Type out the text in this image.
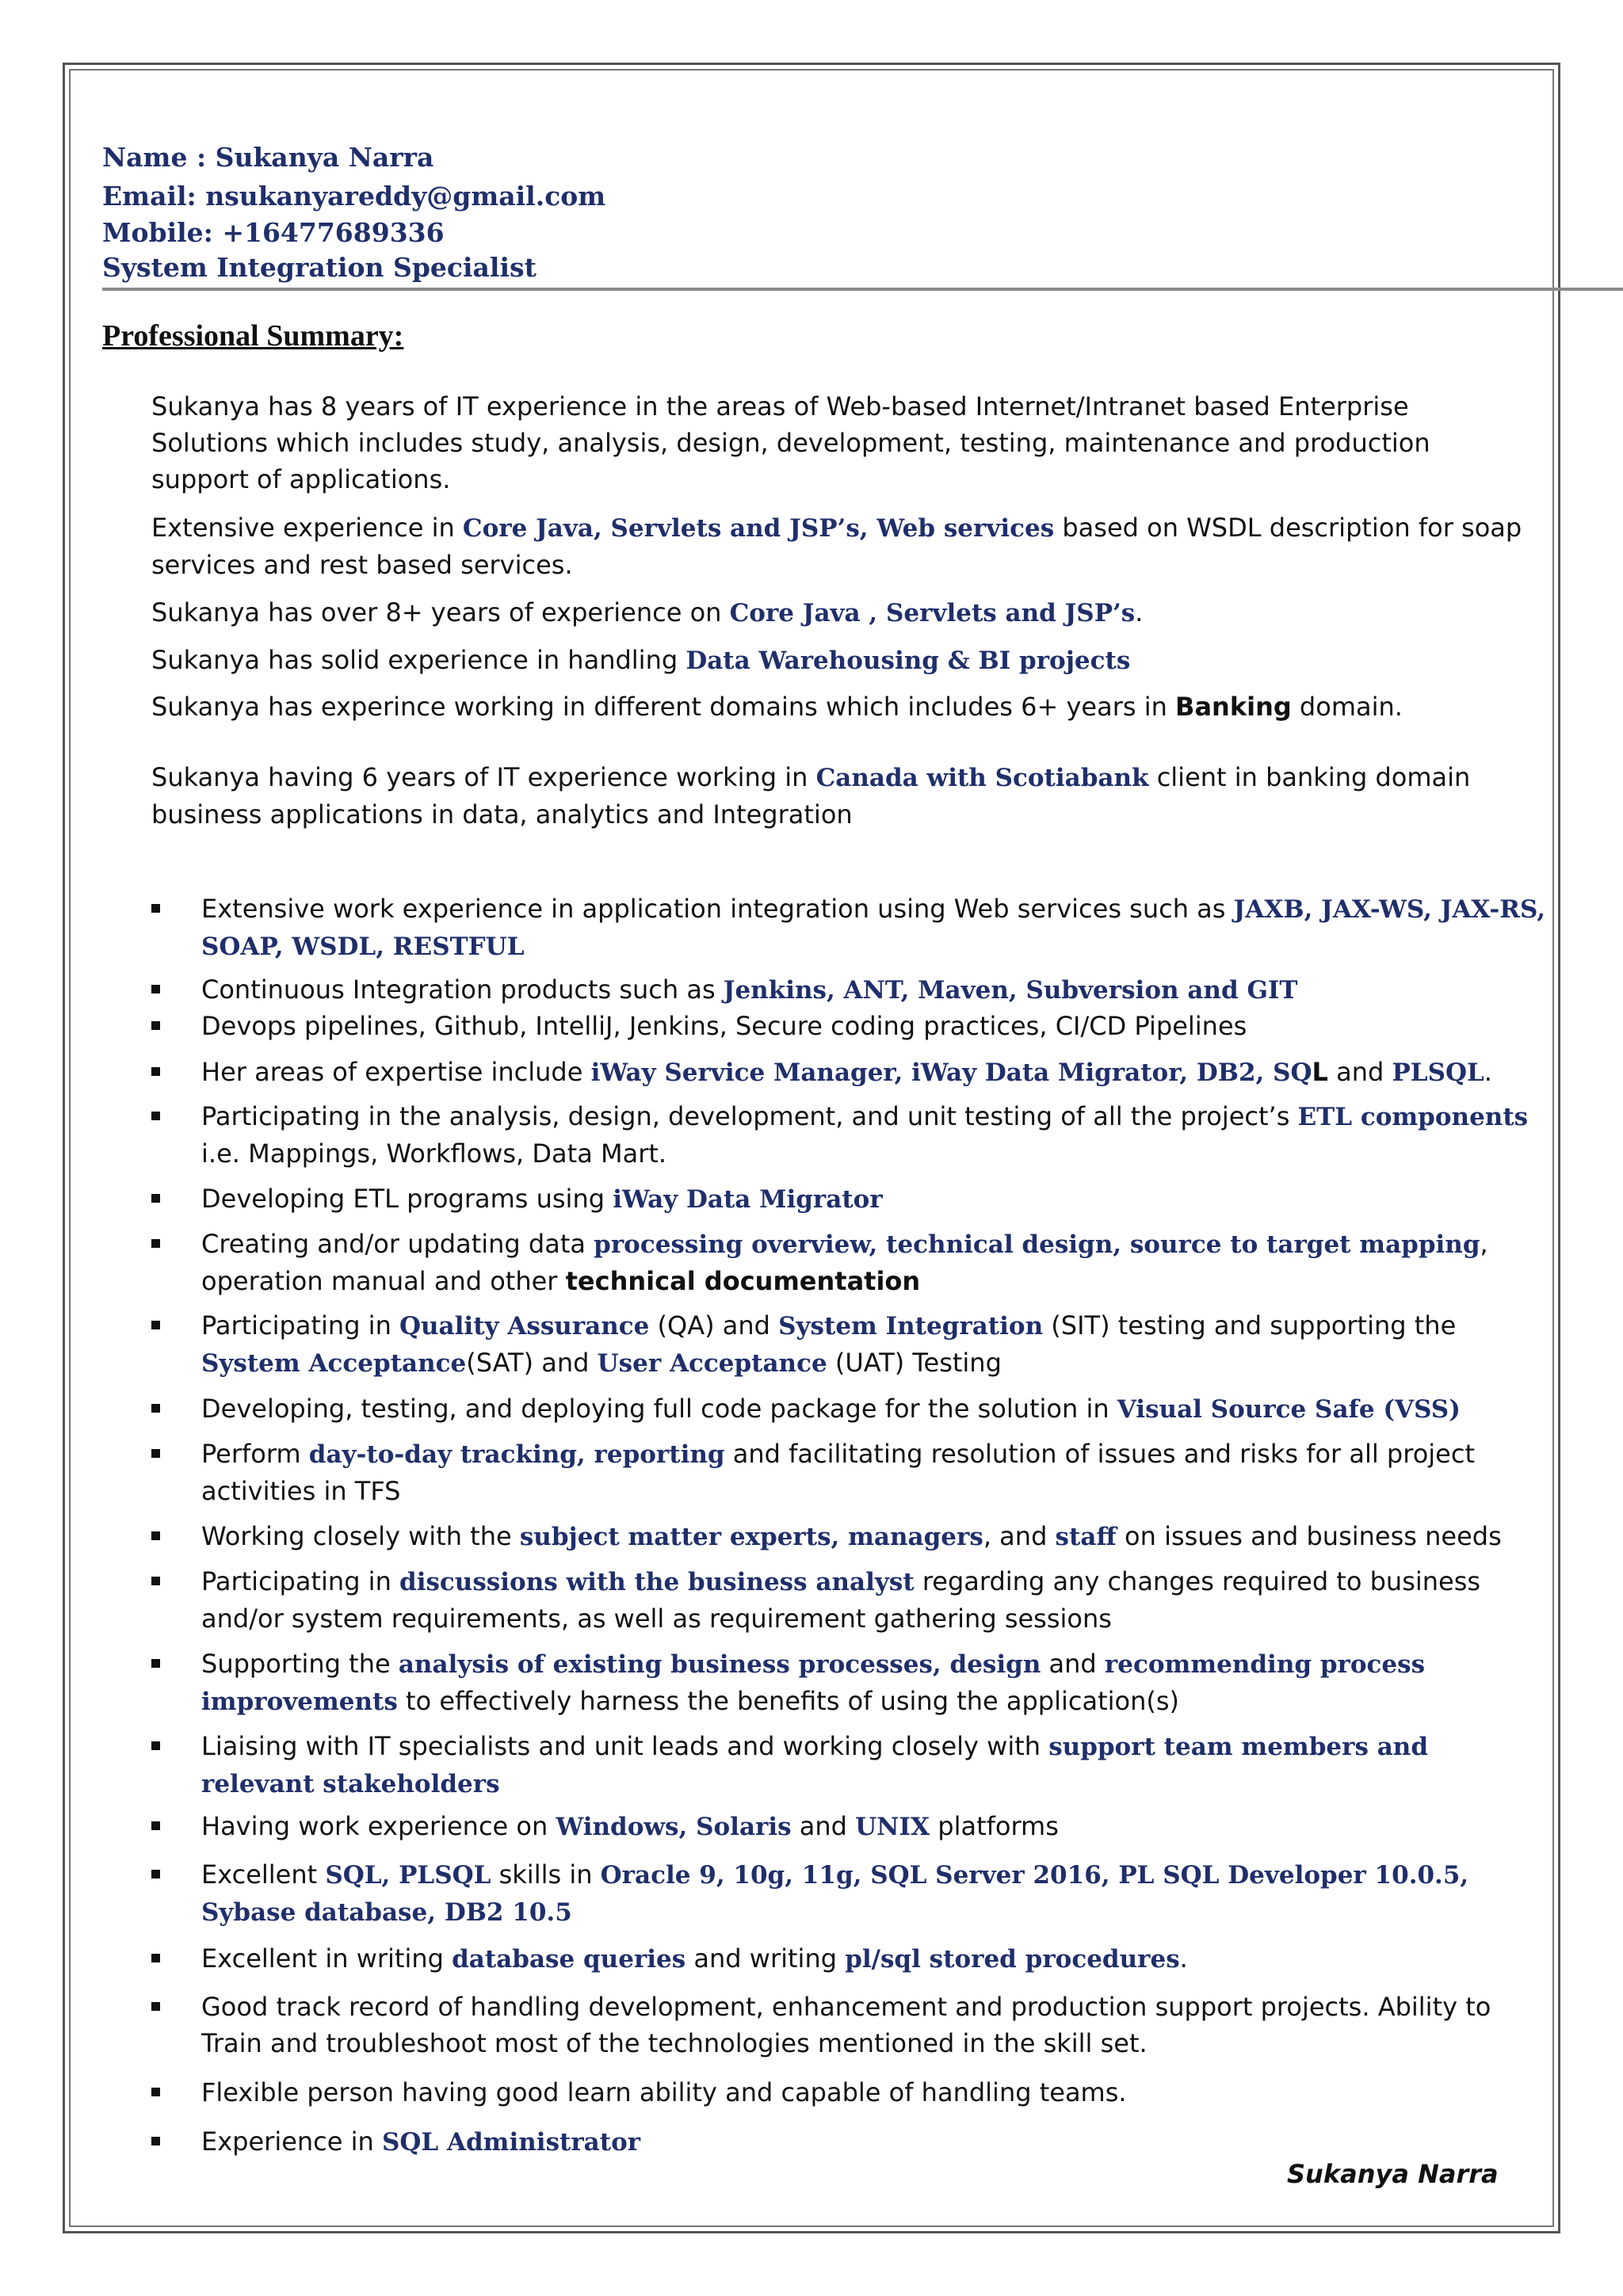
Name : Sukanya Narra
Email: nsukanyareddy@gmail.com
Mobile: +16477689336
System Integration Specialist
Professional Summary:
Sukanya has 8 years of IT experience in the areas of Web-based Internet/Intranet based Enterprise Solutions which includes study, analysis, design, development, testing, maintenance and production support of applications.
Extensive experience in Core Java, Servlets and JSP’s, Web services based on WSDL description for soap services and rest based services.
Sukanya has over 8+ years of experience on Core Java , Servlets and JSP’s.
Sukanya has solid experience in handling Data Warehousing & BI projects
Sukanya has experince working in different domains which includes 6+ years in Banking domain.
Sukanya having 6 years of IT experience working in Canada with Scotiabank client in banking domain business applications in data, analytics and Integration
Extensive work experience in application integration using Web services such as JAXB, JAX-WS, JAX-RS, SOAP, WSDL, RESTFUL
Continuous Integration products such as Jenkins, ANT, Maven, Subversion and GIT
Devops pipelines, Github, IntelliJ, Jenkins, Secure coding practices, CI/CD Pipelines
Her areas of expertise include iWay Service Manager, iWay Data Migrator, DB2, SQL and PLSQL.
Participating in the analysis, design, development, and unit testing of all the project’s ETL components i.e. Mappings, Workflows, Data Mart.
Developing ETL programs using iWay Data Migrator
Creating and/or updating data processing overview, technical design, source to target mapping, operation manual and other technical documentation
Participating in Quality Assurance (QA) and System Integration (SIT) testing and supporting the System Acceptance(SAT) and User Acceptance (UAT) Testing
Developing, testing, and deploying full code package for the solution in Visual Source Safe (VSS)
Perform day-to-day tracking, reporting and facilitating resolution of issues and risks for all project activities in TFS
Working closely with the subject matter experts, managers, and staff on issues and business needs
Participating in discussions with the business analyst regarding any changes required to business and/or system requirements, as well as requirement gathering sessions
Supporting the analysis of existing business processes, design and recommending process improvements to effectively harness the benefits of using the application(s)
Liaising with IT specialists and unit leads and working closely with support team members and relevant stakeholders
Having work experience on Windows, Solaris and UNIX platforms
Excellent SQL, PLSQL skills in Oracle 9, 10g, 11g, SQL Server 2016, PL SQL Developer 10.0.5, Sybase database, DB2 10.5
Excellent in writing database queries and writing pl/sql stored procedures.
Good track record of handling development, enhancement and production support projects. Ability to Train and troubleshoot most of the technologies mentioned in the skill set.
Flexible person having good learn ability and capable of handling teams.
Experience in SQL Administrator
Sukanya Narra
